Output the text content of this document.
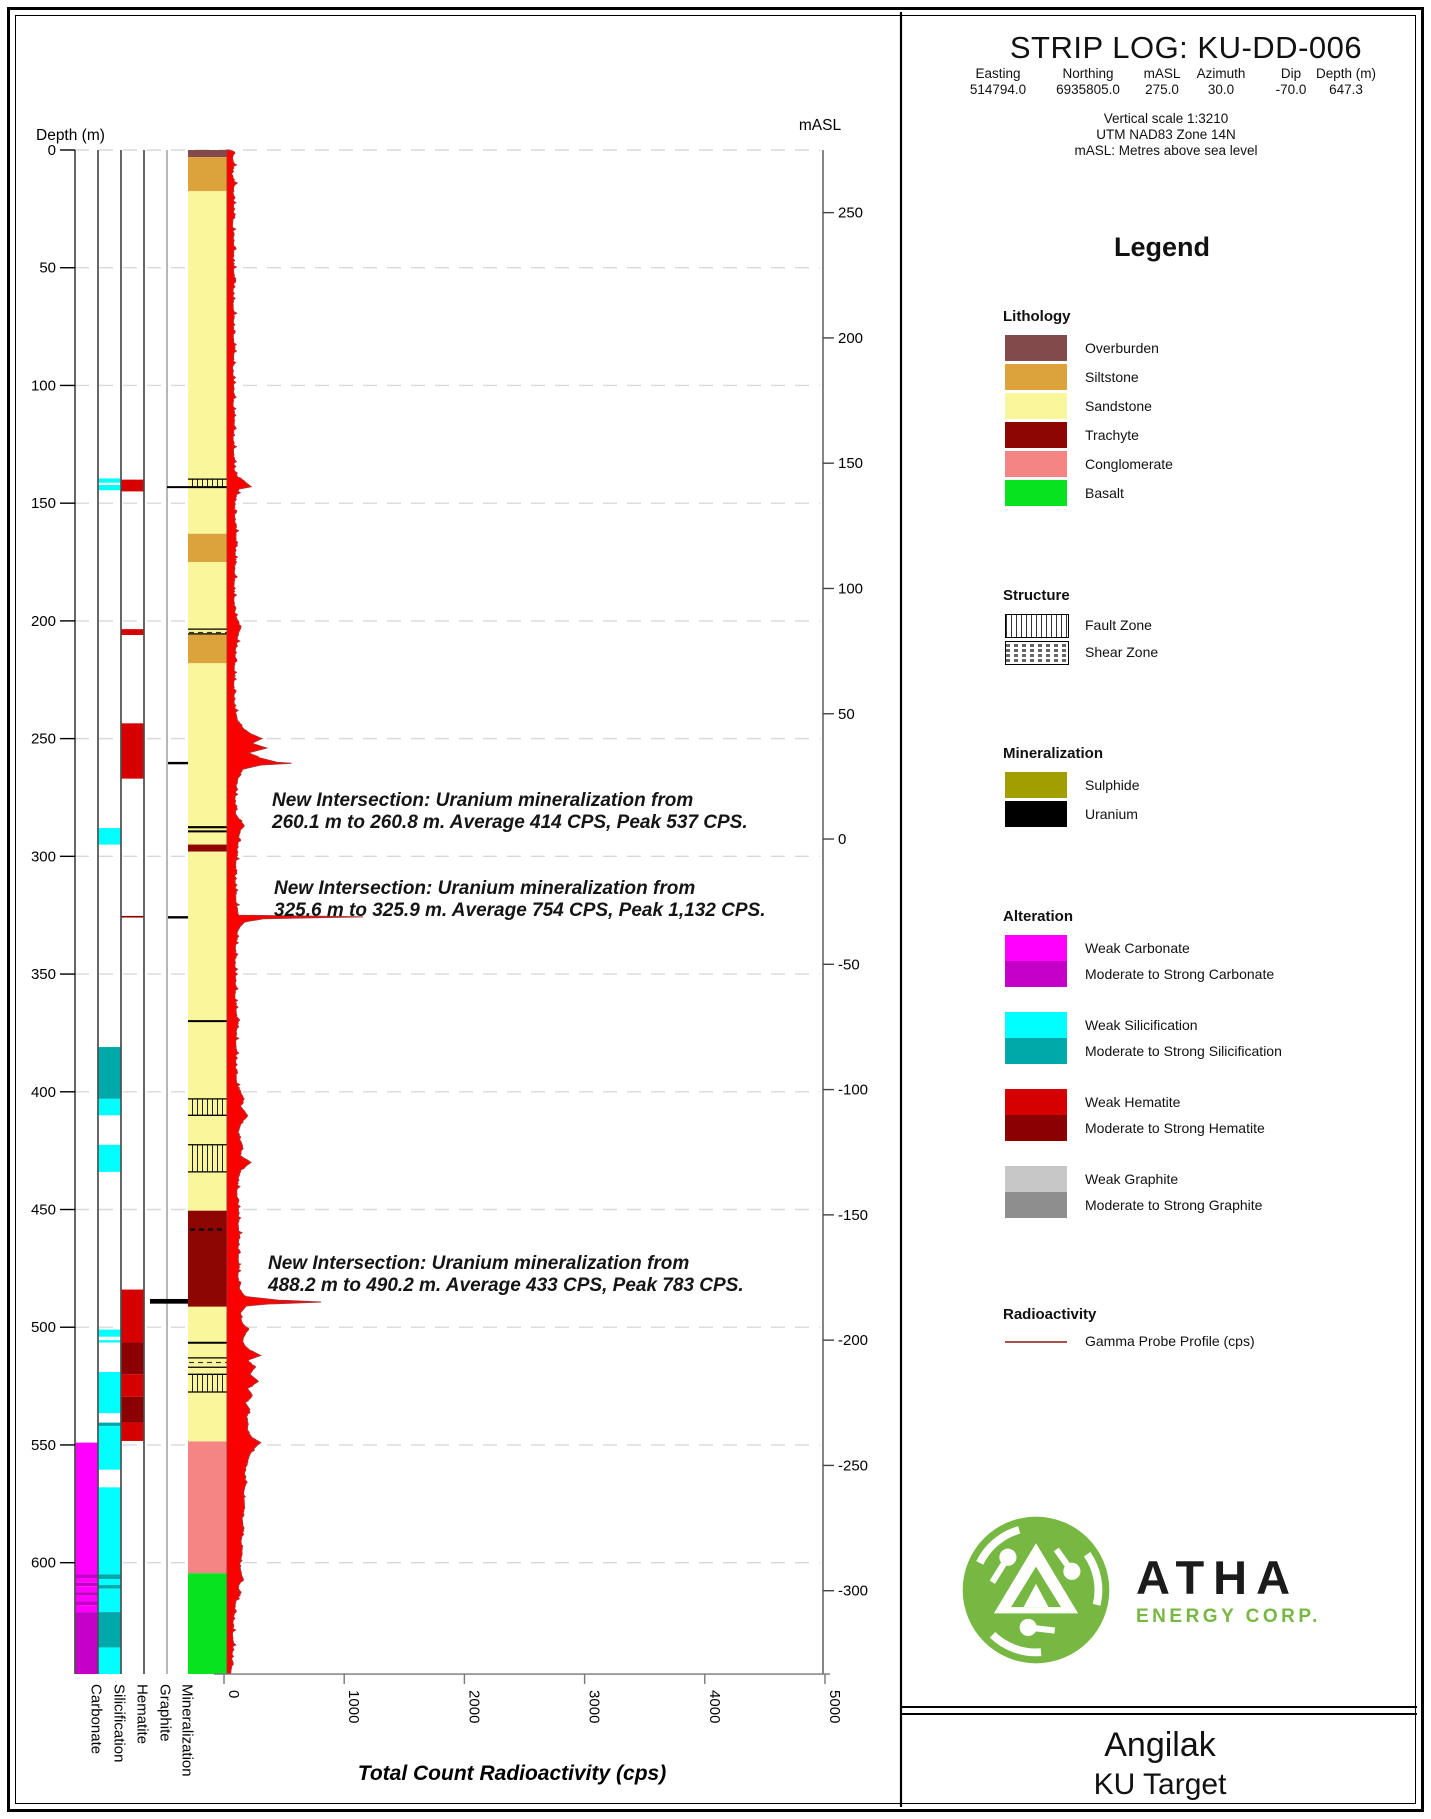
0
50
100
150
200
250
300
350
400
450
500
550
600
Depth (m)
mASL
250
200
150
100
50
0
-50
-100
-150
-200
-250
-300
0	1000	2000	3000	4000	5000
Total Count Radioactivity (cps)
Carbonate Silicification Hematite Graphite Mineralization
New Intersection: Uranium mineralization from
260.1 m to 260.8 m. Average 414 CPS, Peak 537 CPS.
New Intersection: Uranium mineralization from
325.6 m to 325.9 m. Average 754 CPS, Peak 1,132 CPS.
New Intersection: Uranium mineralization from
488.2 m to 490.2 m. Average 433 CPS, Peak 783 CPS.
STRIP LOG: KU-DD-006
Easting
514794.0
Northing
6935805.0
mASL
275.0
Azimuth
30.0
Dip
-70.0
Depth (m)
647.3
Vertical scale 1:3210
UTM NAD83 Zone 14N
mASL: Metres above sea level
Legend
Lithology
Overburden
Siltstone
Sandstone
Trachyte
Conglomerate
Basalt
Structure
Fault Zone
Shear Zone
Mineralization
Sulphide
Uranium
Alteration
Weak Carbonate
Moderate to Strong Carbonate
Weak Silicification
Moderate to Strong Silicification
Weak Hematite
Moderate to Strong Hematite
Weak Graphite
Moderate to Strong Graphite
Radioactivity
Gamma Probe Profile (cps)
ATHA
ENERGY CORP.
Angilak
KU Target
